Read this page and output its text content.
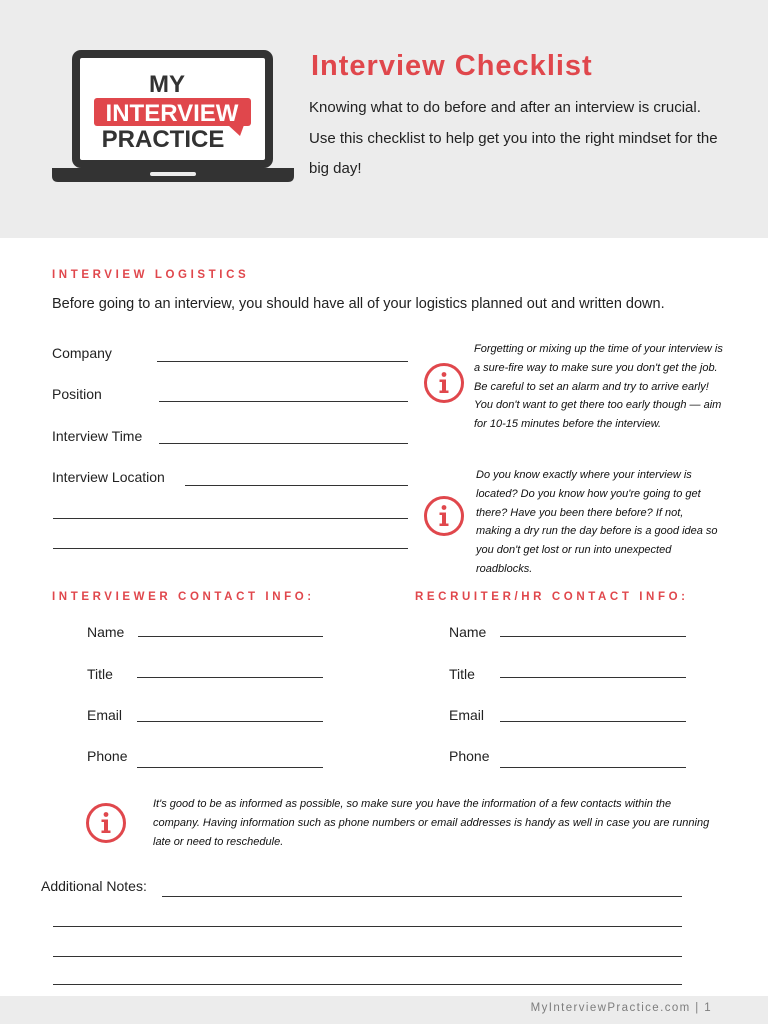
MY
INTERVIEW
PRACTICE
Interview Checklist
Knowing what to do before and after an interview is crucial. Use this checklist to help get you into the right mindset for the big day!
INTERVIEW LOGISTICS
Before going to an interview, you should have all of your logistics planned out and written down.
Company
Position
Interview Time
Interview Location
Forgetting or mixing up the time of your interview is a sure-fire way to make sure you don't get the job. Be careful to set an alarm and try to arrive early! You don't want to get there too early though — aim for 10-15 minutes before the interview.
Do you know exactly where your interview is located? Do you know how you're going to get there? Have you been there before? If not, making a dry run the day before is a good idea so you don't get lost or run into unexpected roadblocks.
INTERVIEWER CONTACT INFO:	RECRUITER/HR CONTACT INFO:
Name
Title
Email
Phone
Name
Title
Email
Phone
It's good to be as informed as possible, so make sure you have the information of a few contacts within the company. Having information such as phone numbers or email addresses is handy as well in case you are running late or need to reschedule.
Additional Notes:
MyInterviewPractice.com | 1
